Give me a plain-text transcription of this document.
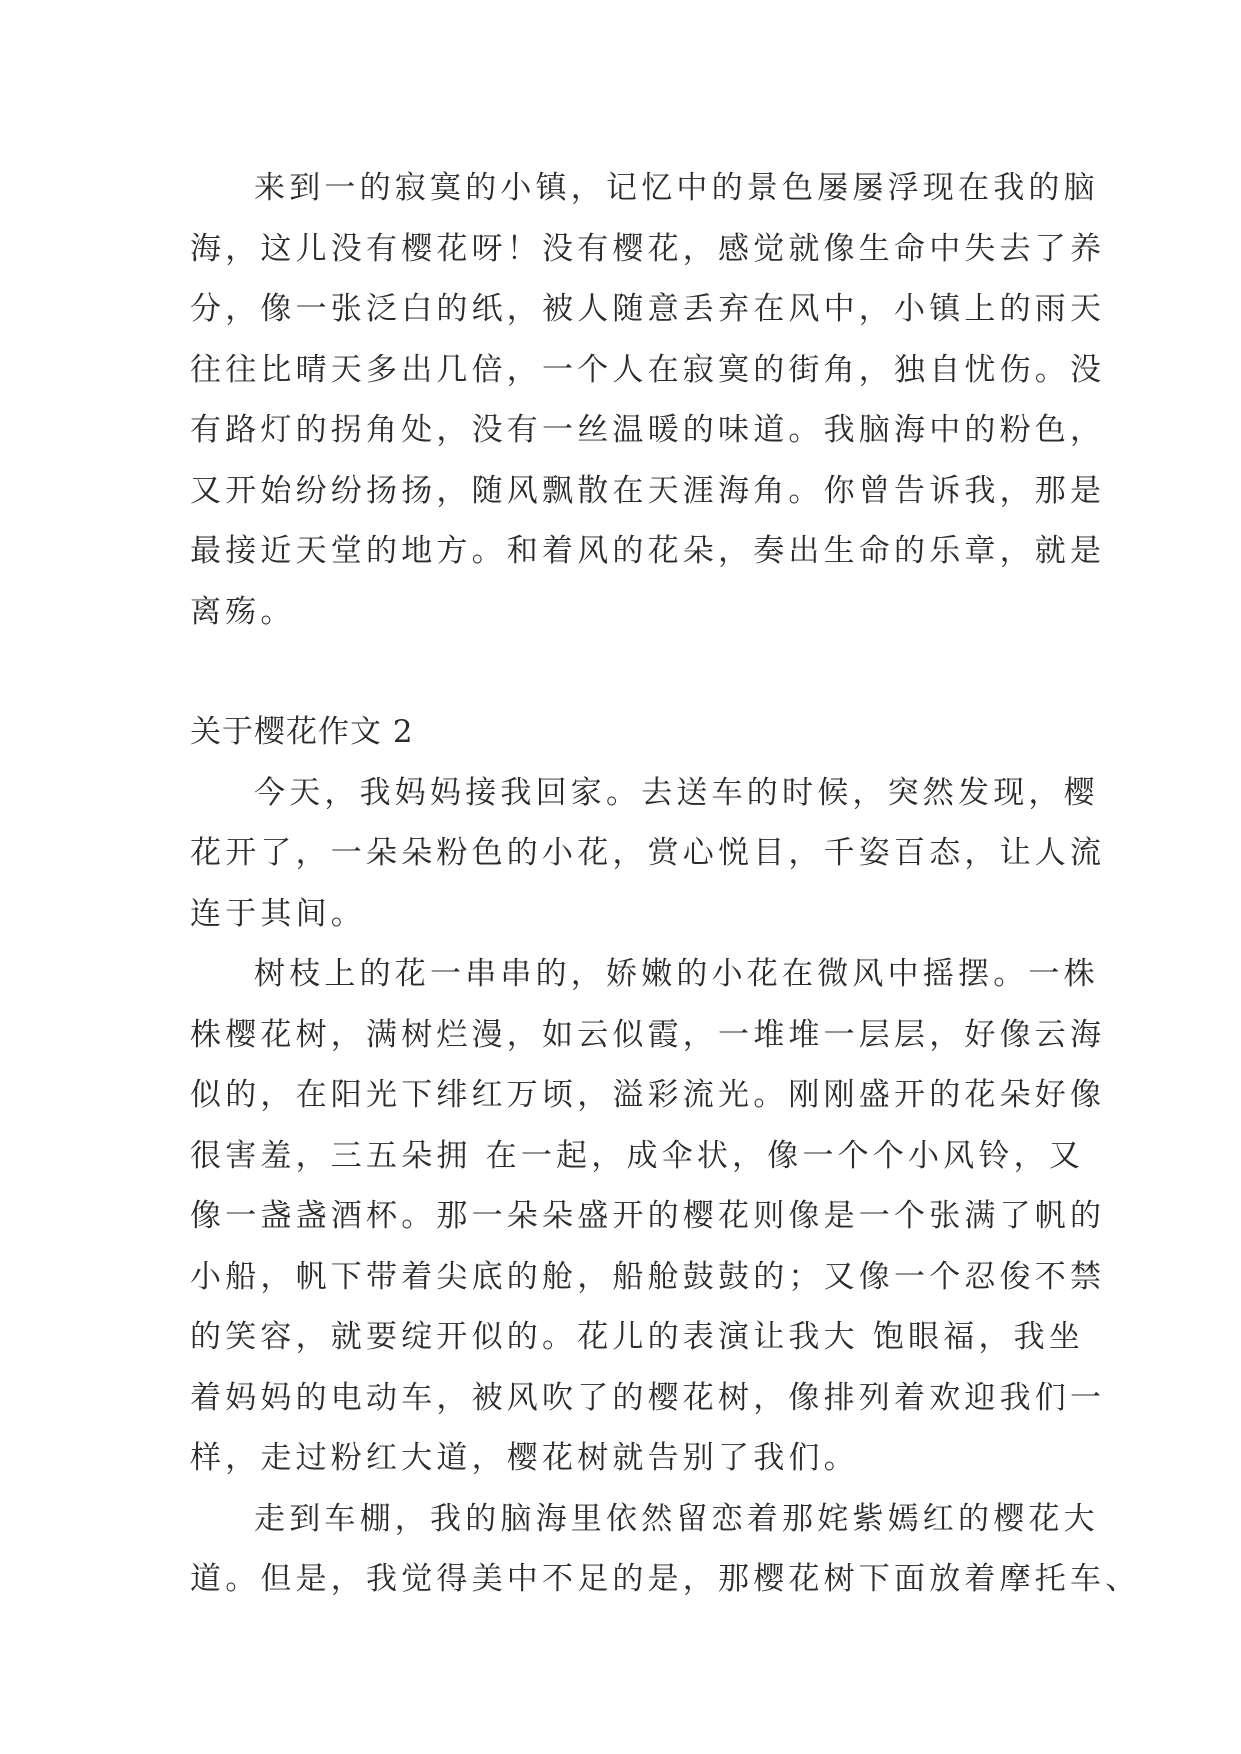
来到一的寂寞的小镇，记忆中的景色屡屡浮现在我的脑

海，这儿没有樱花呀！没有樱花，感觉就像生命中失去了养

分，像一张泛白的纸，被人随意丢弃在风中，小镇上的雨天

往往比晴天多出几倍，一个人在寂寞的街角，独自忧伤。没

有路灯的拐角处，没有一丝温暖的味道。我脑海中的粉色，

又开始纷纷扬扬，随风飘散在天涯海角。你曾告诉我，那是

最接近天堂的地方。和着风的花朵，奏出生命的乐章，就是

离殇。

关于樱花作文 2

今天，我妈妈接我回家。去送车的时候，突然发现，樱

花开了，一朵朵粉色的小花，赏心悦目，千姿百态，让人流

连于其间。

树枝上的花一串串的，娇嫩的小花在微风中摇摆。一株

株樱花树，满树烂漫，如云似霞，一堆堆一层层，好像云海

似的，在阳光下绯红万顷，溢彩流光。刚刚盛开的花朵好像

很害羞，三五朵拥 在一起，成伞状，像一个个小风铃，又

像一盏盏酒杯。那一朵朵盛开的樱花则像是一个张满了帆的

小船，帆下带着尖底的舱，船舱鼓鼓的；又像一个忍俊不禁

的笑容，就要绽开似的。花儿的表演让我大 饱眼福，我坐

着妈妈的电动车，被风吹了的樱花树，像排列着欢迎我们一

样，走过粉红大道，樱花树就告别了我们。

走到车棚，我的脑海里依然留恋着那姹紫嫣红的樱花大

道。但是，我觉得美中不足的是，那樱花树下面放着摩托车、
